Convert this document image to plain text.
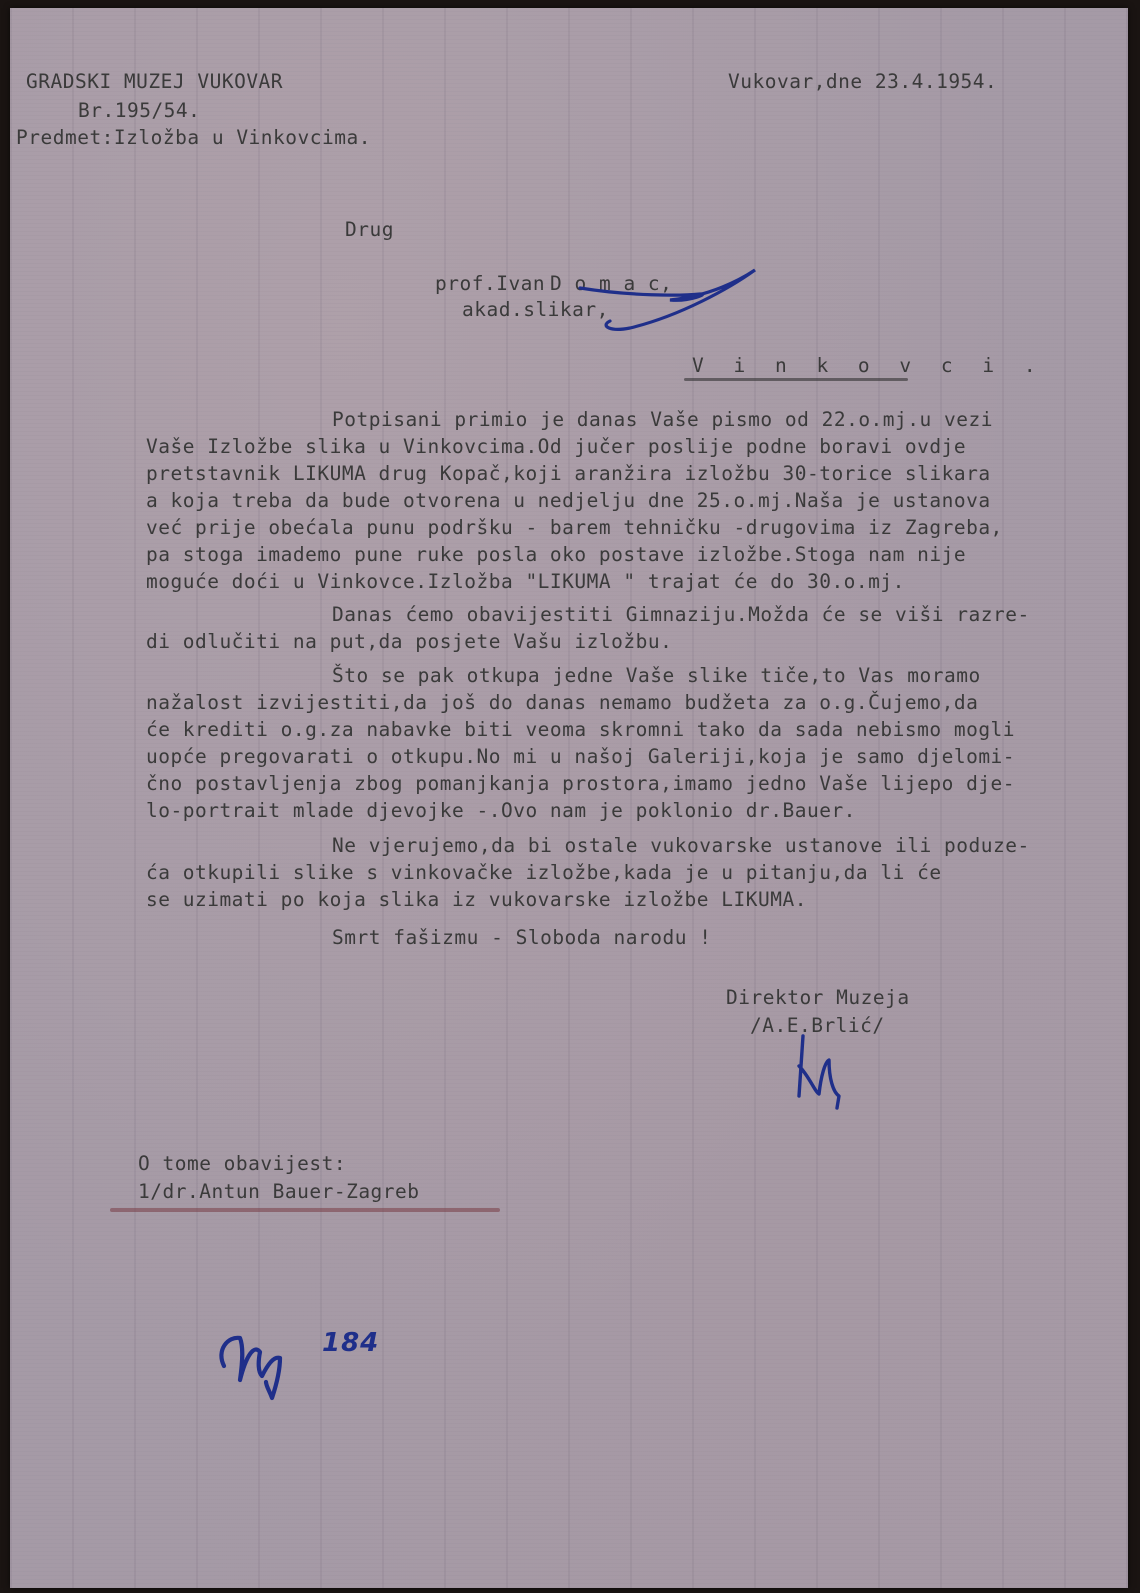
GRADSKI MUZEJ VUKOVAR
Br.195/54.
Predmet:Izložba u Vinkovcima.
Vukovar,dne 23.4.1954.
Drug
prof.Ivan D o m a c,
akad.slikar,
V i n k o v c i .
Potpisani primio je danas Vaše pismo od 22.o.mj.u vezi
Vaše Izložbe slika u Vinkovcima.Od jučer poslije podne boravi ovdje
pretstavnik LIKUMA drug Kopač,koji aranžira izložbu 30-torice slikara
a koja treba da bude otvorena u nedjelju dne 25.o.mj.Naša je ustanova
već prije obećala punu podršku - barem tehničku -drugovima iz Zagreba,
pa stoga imademo pune ruke posla oko postave izložbe.Stoga nam nije
moguće doći u Vinkovce.Izložba "LIKUMA " trajat će do 30.o.mj.
Danas ćemo obavijestiti Gimnaziju.Možda će se viši razre-
di odlučiti na put,da posjete Vašu izložbu.
Što se pak otkupa jedne Vaše slike tiče,to Vas moramo
nažalost izvijestiti,da još do danas nemamo budžeta za o.g.Čujemo,da
će krediti o.g.za nabavke biti veoma skromni tako da sada nebismo mogli
uopće pregovarati o otkupu.No mi u našoj Galeriji,koja je samo djelomi-
čno postavljenja zbog pomanjkanja prostora,imamo jedno Vaše lijepo dje-
lo-portrait mlade djevojke -.Ovo nam je poklonio dr.Bauer.
Ne vjerujemo,da bi ostale vukovarske ustanove ili poduze-
ća otkupili slike s vinkovačke izložbe,kada je u pitanju,da li će
se uzimati po koja slika iz vukovarske izložbe LIKUMA.
Smrt fašizmu - Sloboda narodu !
Direktor Muzeja
/A.E.Brlić/
O tome obavijest:
1/dr.Antun Bauer-Zagreb
184
